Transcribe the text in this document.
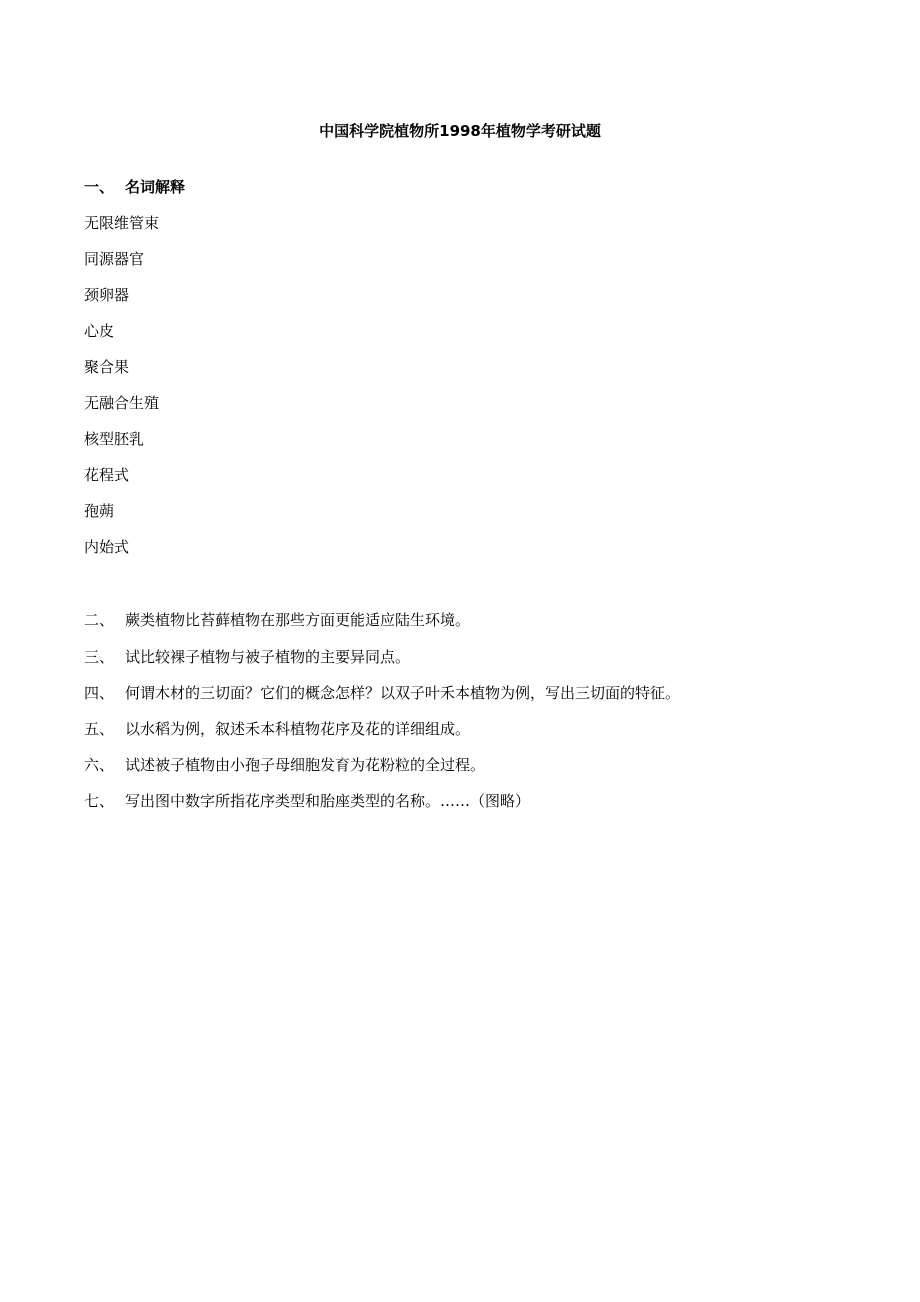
中国科学院植物所1998年植物学考研试题
一、 名词解释
无限维管束
同源器官
颈卵器
心皮
聚合果
无融合生殖
核型胚乳
花程式
孢蒴
内始式
二、 蕨类植物比苔藓植物在那些方面更能适应陆生环境。
三、 试比较裸子植物与被子植物的主要异同点。
四、 何谓木材的三切面？它们的概念怎样？以双子叶禾本植物为例，写出三切面的特征。
五、 以水稻为例，叙述禾本科植物花序及花的详细组成。
六、 试述被子植物由小孢子母细胞发育为花粉粒的全过程。
七、 写出图中数字所指花序类型和胎座类型的名称。……（图略）
